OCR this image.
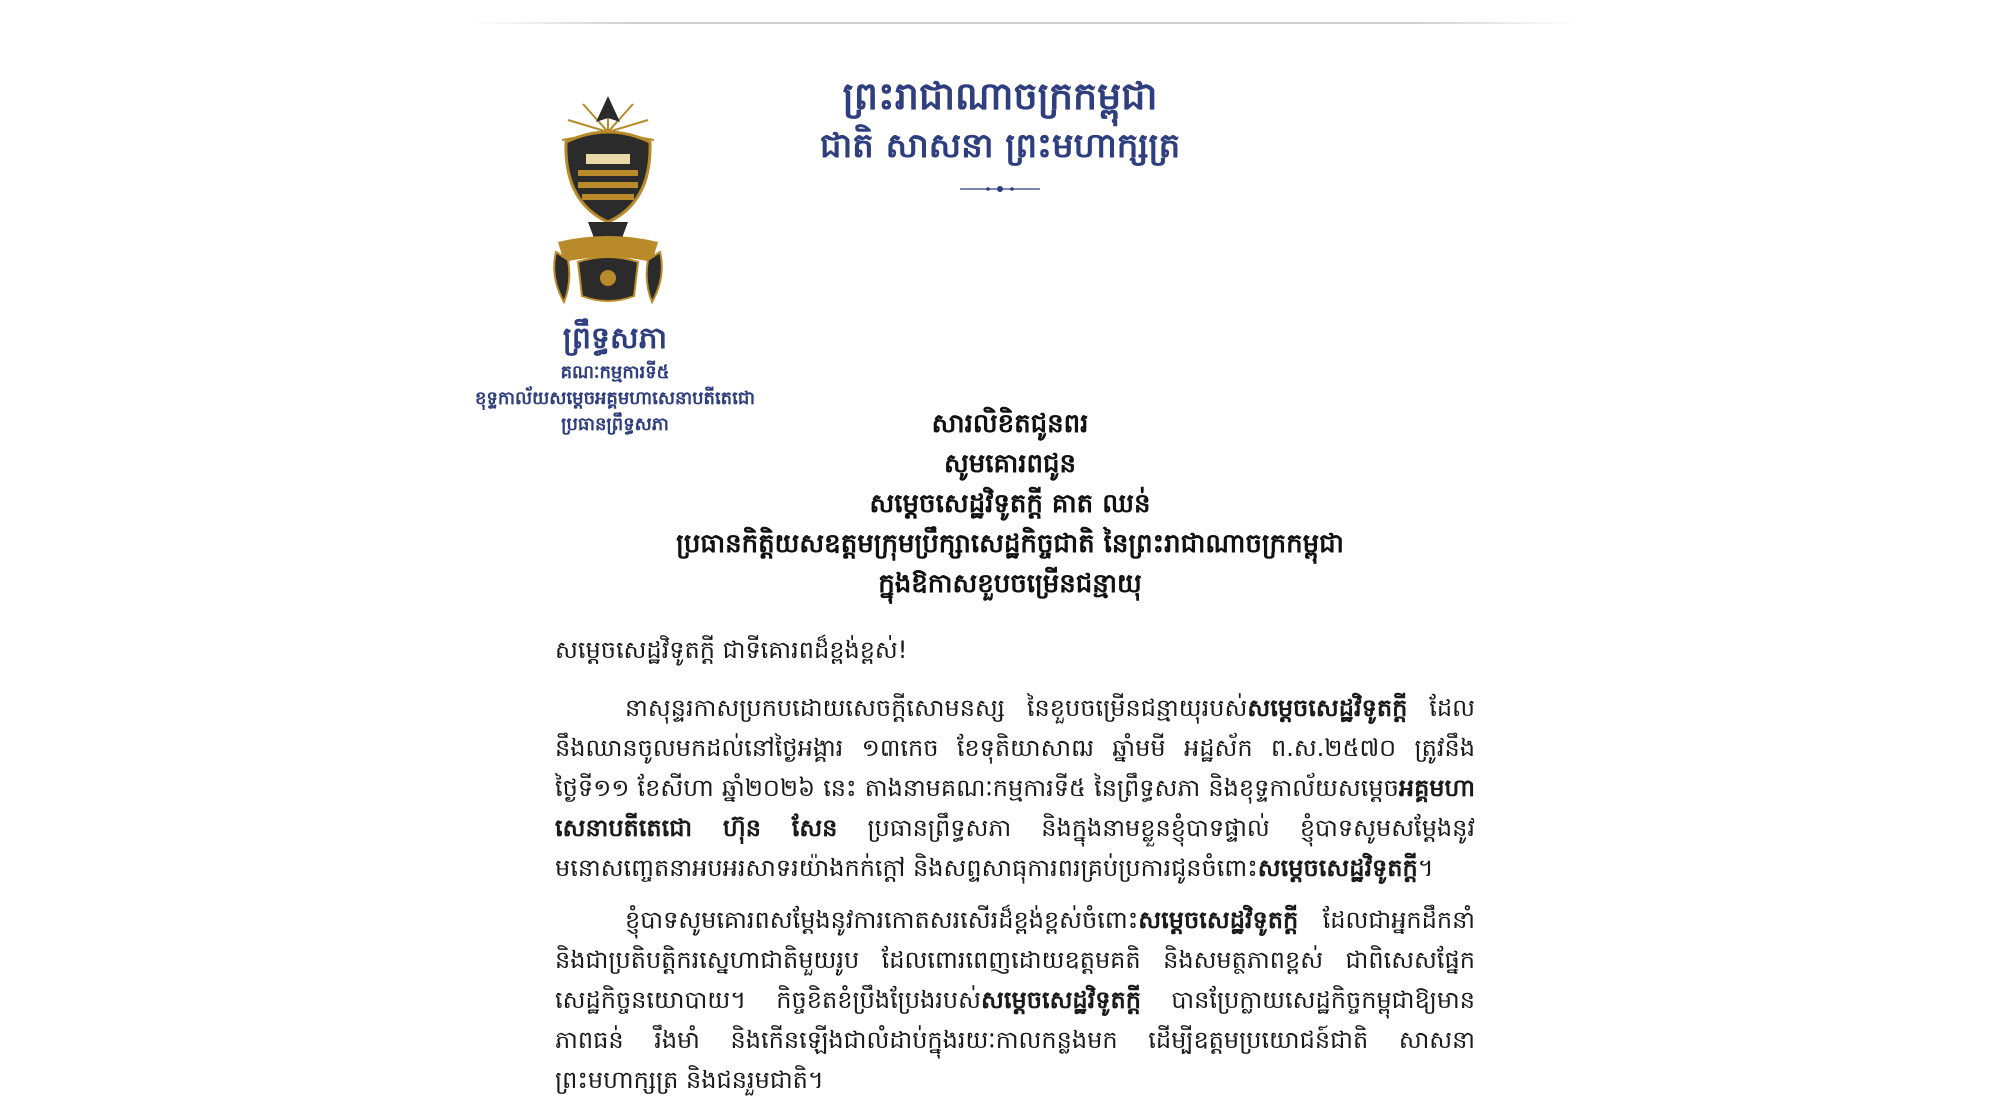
ព្រះរាជាណាចក្រកម្ពុជា
ជាតិ សាសនា ព្រះមហាក្សត្រ
ព្រឹទ្ធសភា
គណៈកម្មការទី៥
ខុទ្ទកាល័យសម្តេចអគ្គមហាសេនាបតីតេជោ
ប្រធានព្រឹទ្ធសភា	សារលិខិតជូនពរ
សូមគោរពជូន
សម្តេចសេដ្ឋវិទូតក្តី គាត ឈន់
ប្រធានកិត្តិយសឧត្តមក្រុមប្រឹក្សាសេដ្ឋកិច្ចជាតិ នៃព្រះរាជាណាចក្រកម្ពុជា
ក្នុងឱកាសខួបចម្រើនជន្មាយុ
សម្តេចសេដ្ឋវិទូតក្តី ជាទីគោរពដ៏ខ្ពង់ខ្ពស់!
នាសុន្ទរកាសប្រកបដោយសេចក្តីសោមនស្ស នៃខួបចម្រើនជន្មាយុរបស់សម្តេចសេដ្ឋវិទូតក្តី ដែលនឹងឈានចូលមកដល់នៅថ្ងៃអង្គារ ១៣កេច ខែទុតិយាសាឍ ឆ្នាំមមី អដ្ឋស័ក ព.ស.២៥៧០ ត្រូវនឹងថ្ងៃទី១១ ខែសីហា ឆ្នាំ២០២៦ នេះ តាងនាមគណៈកម្មការទី៥ នៃព្រឹទ្ធសភា និងខុទ្ទកាល័យសម្តេចអគ្គមហាសេនាបតីតេជោ ហ៊ុន សែន ប្រធានព្រឹទ្ធសភា និងក្នុងនាមខ្លួនខ្ញុំបាទផ្ទាល់ ខ្ញុំបាទសូមសម្តែងនូវមនោសញ្ចេតនាអបអរសាទរយ៉ាងកក់ក្តៅ និងសព្ទសាធុការពរគ្រប់ប្រការជូនចំពោះសម្តេចសេដ្ឋវិទូតក្តី។
ខ្ញុំបាទសូមគោរពសម្តែងនូវការកោតសរសើរដ៏ខ្ពង់ខ្ពស់ចំពោះសម្តេចសេដ្ឋវិទូតក្តី ដែលជាអ្នកដឹកនាំ និងជាប្រតិបត្តិករស្នេហាជាតិមួយរូប ដែលពោរពេញដោយឧត្តមគតិ និងសមត្ថភាពខ្ពស់ ជាពិសេសផ្នែកសេដ្ឋកិច្ចនយោបាយ។ កិច្ចខិតខំប្រឹងប្រែងរបស់សម្តេចសេដ្ឋវិទូតក្តី បានប្រែក្លាយសេដ្ឋកិច្ចកម្ពុជាឱ្យមានភាពធន់ រឹងមាំ និងកើនឡើងជាលំដាប់ក្នុងរយៈកាលកន្លងមក ដើម្បីឧត្តមប្រយោជន៍ជាតិ សាសនា ព្រះមហាក្សត្រ និងជនរួមជាតិ។
